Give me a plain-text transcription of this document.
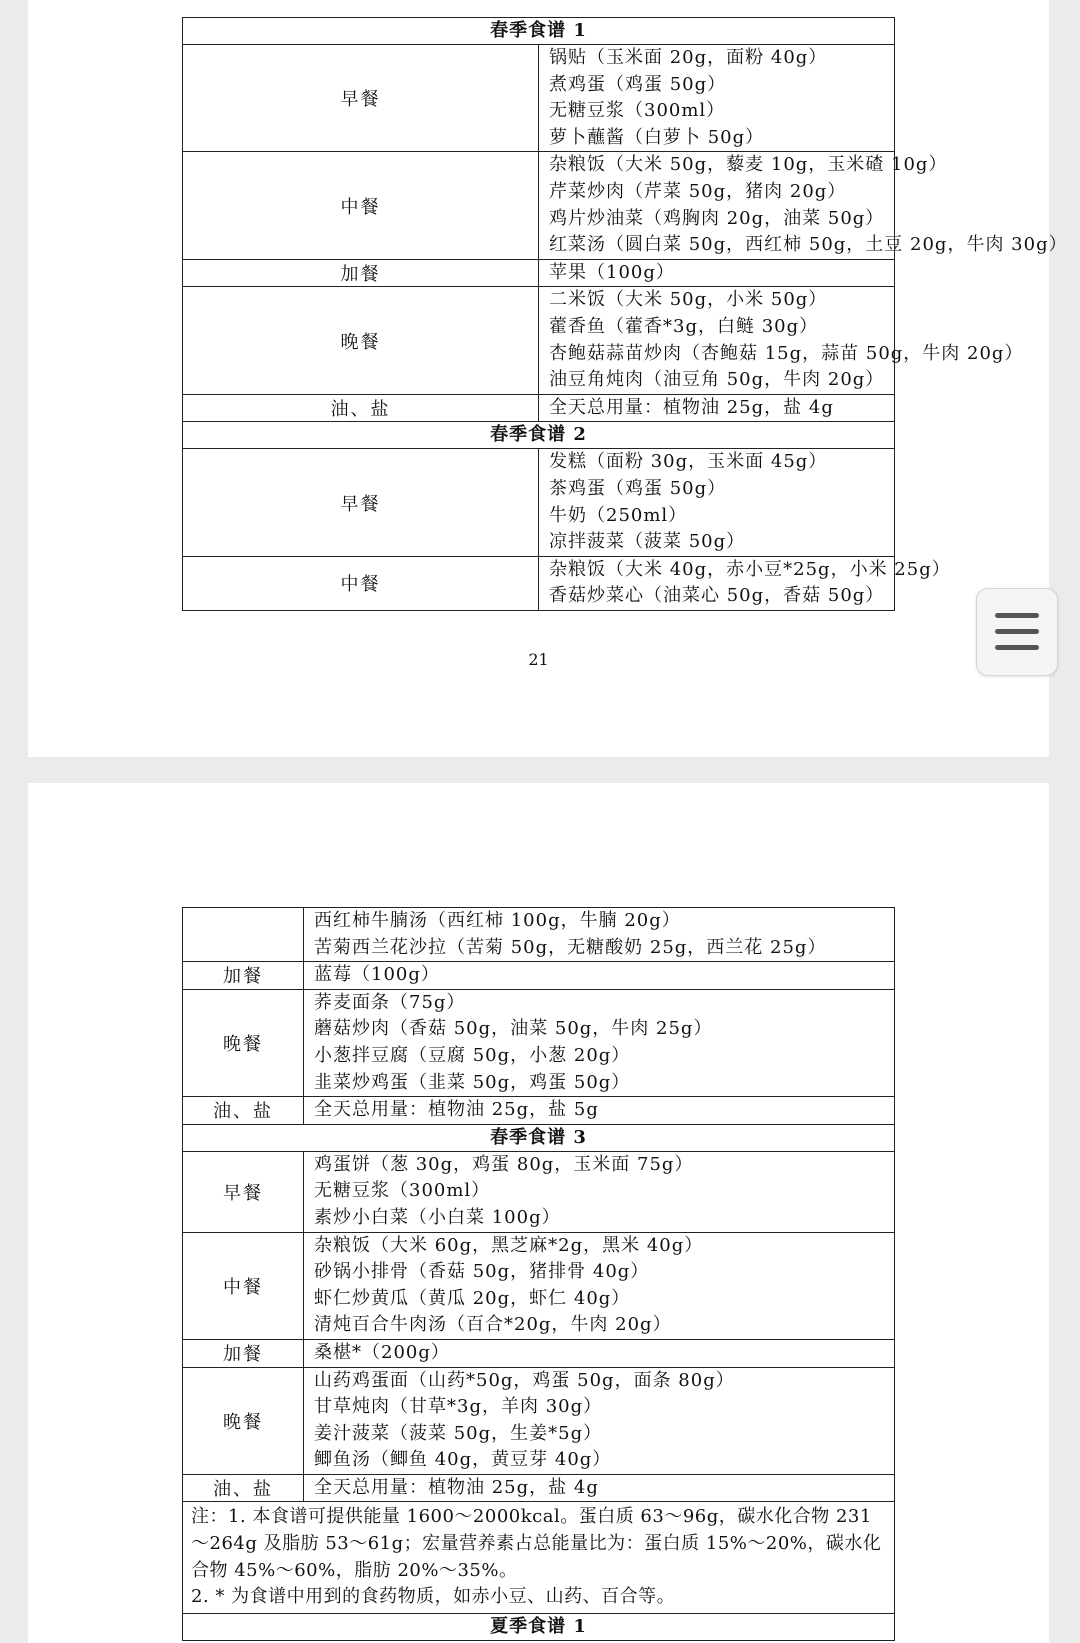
春季食谱 1	
早餐	锅贴（玉米面 20g，面粉 40g）
煮鸡蛋（鸡蛋 50g）
无糖豆浆（300ml）
萝卜蘸酱（白萝卜 50g）

中餐	杂粮饭（大米 50g，藜麦 10g，玉米碴 10g）
芹菜炒肉（芹菜 50g，猪肉 20g）
鸡片炒油菜（鸡胸肉 20g，油菜 50g）
红菜汤（圆白菜 50g，西红柿 50g，土豆 20g，牛肉 30g）

加餐	苹果（100g）

晚餐	二米饭（大米 50g，小米 50g）
藿香鱼（藿香*3g，白鲢 30g）
杏鲍菇蒜苗炒肉（杏鲍菇 15g，蒜苗 50g，牛肉 20g）
油豆角炖肉（油豆角 50g，牛肉 20g）

油、盐	全天总用量：植物油 25g，盐 4g

春季食谱 2	
早餐	发糕（面粉 30g，玉米面 45g）
茶鸡蛋（鸡蛋 50g）
牛奶（250ml）
凉拌菠菜（菠菜 50g）

中餐	杂粮饭（大米 40g，赤小豆*25g，小米 25g）
香菇炒菜心（油菜心 50g，香菇 50g）
21

	西红柿牛腩汤（西红柿 100g，牛腩 20g）
苦菊西兰花沙拉（苦菊 50g，无糖酸奶 25g，西兰花 25g）

加餐	蓝莓（100g）

晚餐	荞麦面条（75g）
蘑菇炒肉（香菇 50g，油菜 50g，牛肉 25g）
小葱拌豆腐（豆腐 50g，小葱 20g）
韭菜炒鸡蛋（韭菜 50g，鸡蛋 50g）

油、盐	全天总用量：植物油 25g，盐 5g

春季食谱 3	
早餐	鸡蛋饼（葱 30g，鸡蛋 80g，玉米面 75g）
无糖豆浆（300ml）
素炒小白菜（小白菜 100g）

中餐	杂粮饭（大米 60g，黑芝麻*2g，黑米 40g）
砂锅小排骨（香菇 50g，猪排骨 40g）
虾仁炒黄瓜（黄瓜 20g，虾仁 40g）
清炖百合牛肉汤（百合*20g，牛肉 20g）

加餐	桑椹*（200g）

晚餐	山药鸡蛋面（山药*50g，鸡蛋 50g，面条 80g）
甘草炖肉（甘草*3g，羊肉 30g）
姜汁菠菜（菠菜 50g，生姜*5g）
鲫鱼汤（鲫鱼 40g，黄豆芽 40g）

油、盐	全天总用量：植物油 25g，盐 4g

注：1. 本食谱可提供能量 1600～2000kcal。蛋白质 63～96g，碳水化合物 231～264g 及脂肪 53～61g；宏量营养素占总能量比为：蛋白质 15%～20%，碳水化合物 45%～60%，脂肪 20%～35%。
2. * 为食谱中用到的食药物质，如赤小豆、山药、百合等。	

夏季食谱 1	
